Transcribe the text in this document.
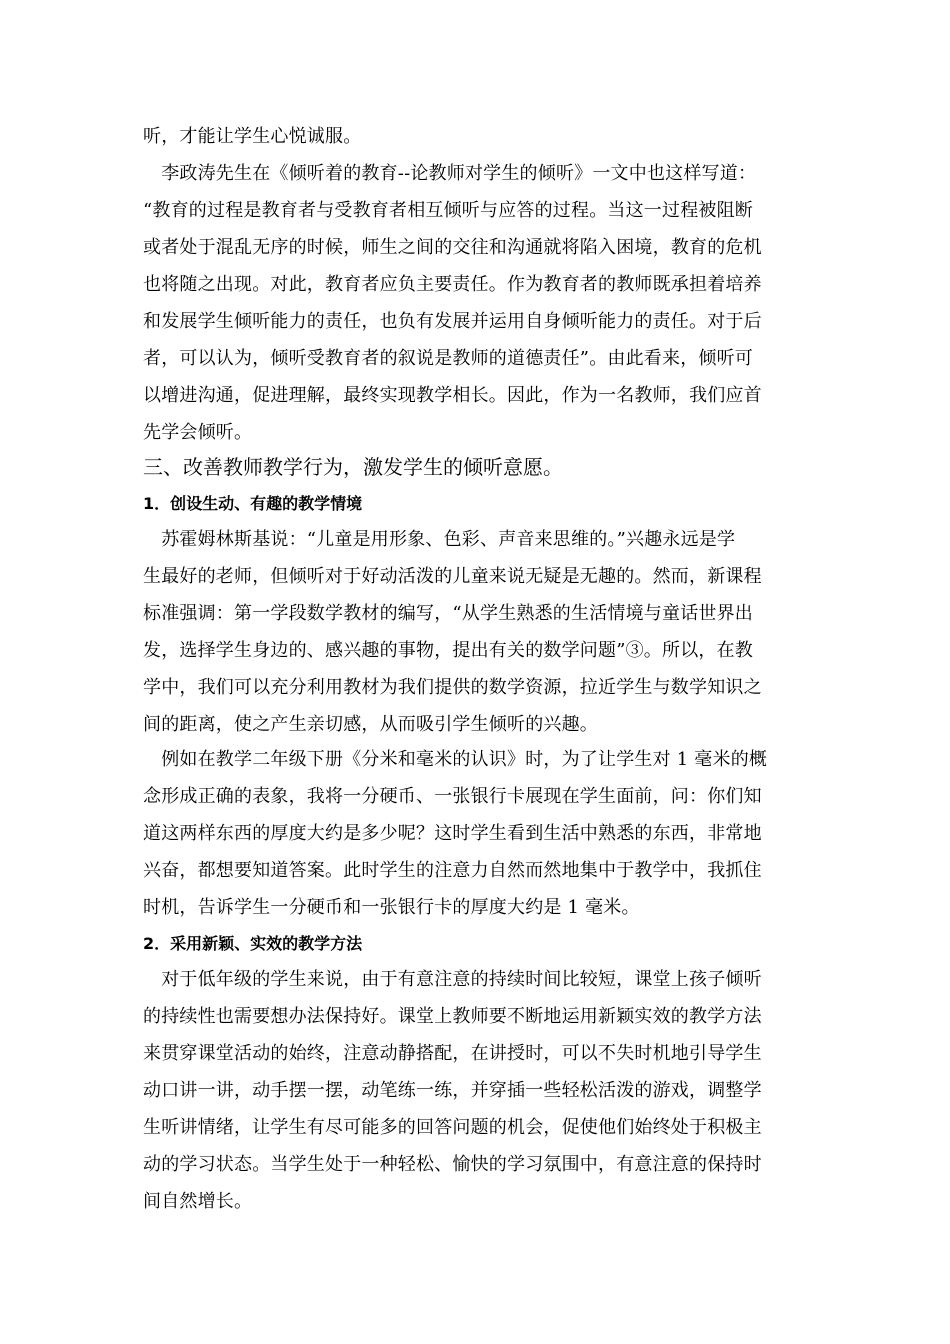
听，才能让学生心悦诚服。
　李政涛先生在《倾听着的教育--论教师对学生的倾听》一文中也这样写道：
“教育的过程是教育者与受教育者相互倾听与应答的过程。当这一过程被阻断
或者处于混乱无序的时候，师生之间的交往和沟通就将陷入困境，教育的危机
也将随之出现。对此，教育者应负主要责任。作为教育者的教师既承担着培养
和发展学生倾听能力的责任，也负有发展并运用自身倾听能力的责任。对于后
者，可以认为，倾听受教育者的叙说是教师的道德责任”。由此看来，倾听可
以增进沟通，促进理解，最终实现教学相长。因此，作为一名教师，我们应首
先学会倾听。
三、改善教师教学行为，激发学生的倾听意愿。
1．创设生动、有趣的教学情境
　苏霍姆林斯基说：“儿童是用形象、色彩、声音来思维的。”兴趣永远是学
生最好的老师，但倾听对于好动活泼的儿童来说无疑是无趣的。然而，新课程
标准强调：第一学段数学教材的编写，“从学生熟悉的生活情境与童话世界出
发，选择学生身边的、感兴趣的事物，提出有关的数学问题”③。所以，在教
学中，我们可以充分利用教材为我们提供的数学资源，拉近学生与数学知识之
间的距离，使之产生亲切感，从而吸引学生倾听的兴趣。
　例如在教学二年级下册《分米和毫米的认识》时，为了让学生对 1 毫米的概
念形成正确的表象，我将一分硬币、一张银行卡展现在学生面前，问：你们知
道这两样东西的厚度大约是多少呢？这时学生看到生活中熟悉的东西，非常地
兴奋，都想要知道答案。此时学生的注意力自然而然地集中于教学中，我抓住
时机，告诉学生一分硬币和一张银行卡的厚度大约是 1 毫米。
2．采用新颖、实效的教学方法
　对于低年级的学生来说，由于有意注意的持续时间比较短，课堂上孩子倾听
的持续性也需要想办法保持好。课堂上教师要不断地运用新颖实效的教学方法
来贯穿课堂活动的始终，注意动静搭配，在讲授时，可以不失时机地引导学生
动口讲一讲，动手摆一摆，动笔练一练，并穿插一些轻松活泼的游戏，调整学
生听讲情绪，让学生有尽可能多的回答问题的机会，促使他们始终处于积极主
动的学习状态。当学生处于一种轻松、愉快的学习氛围中，有意注意的保持时
间自然增长。
